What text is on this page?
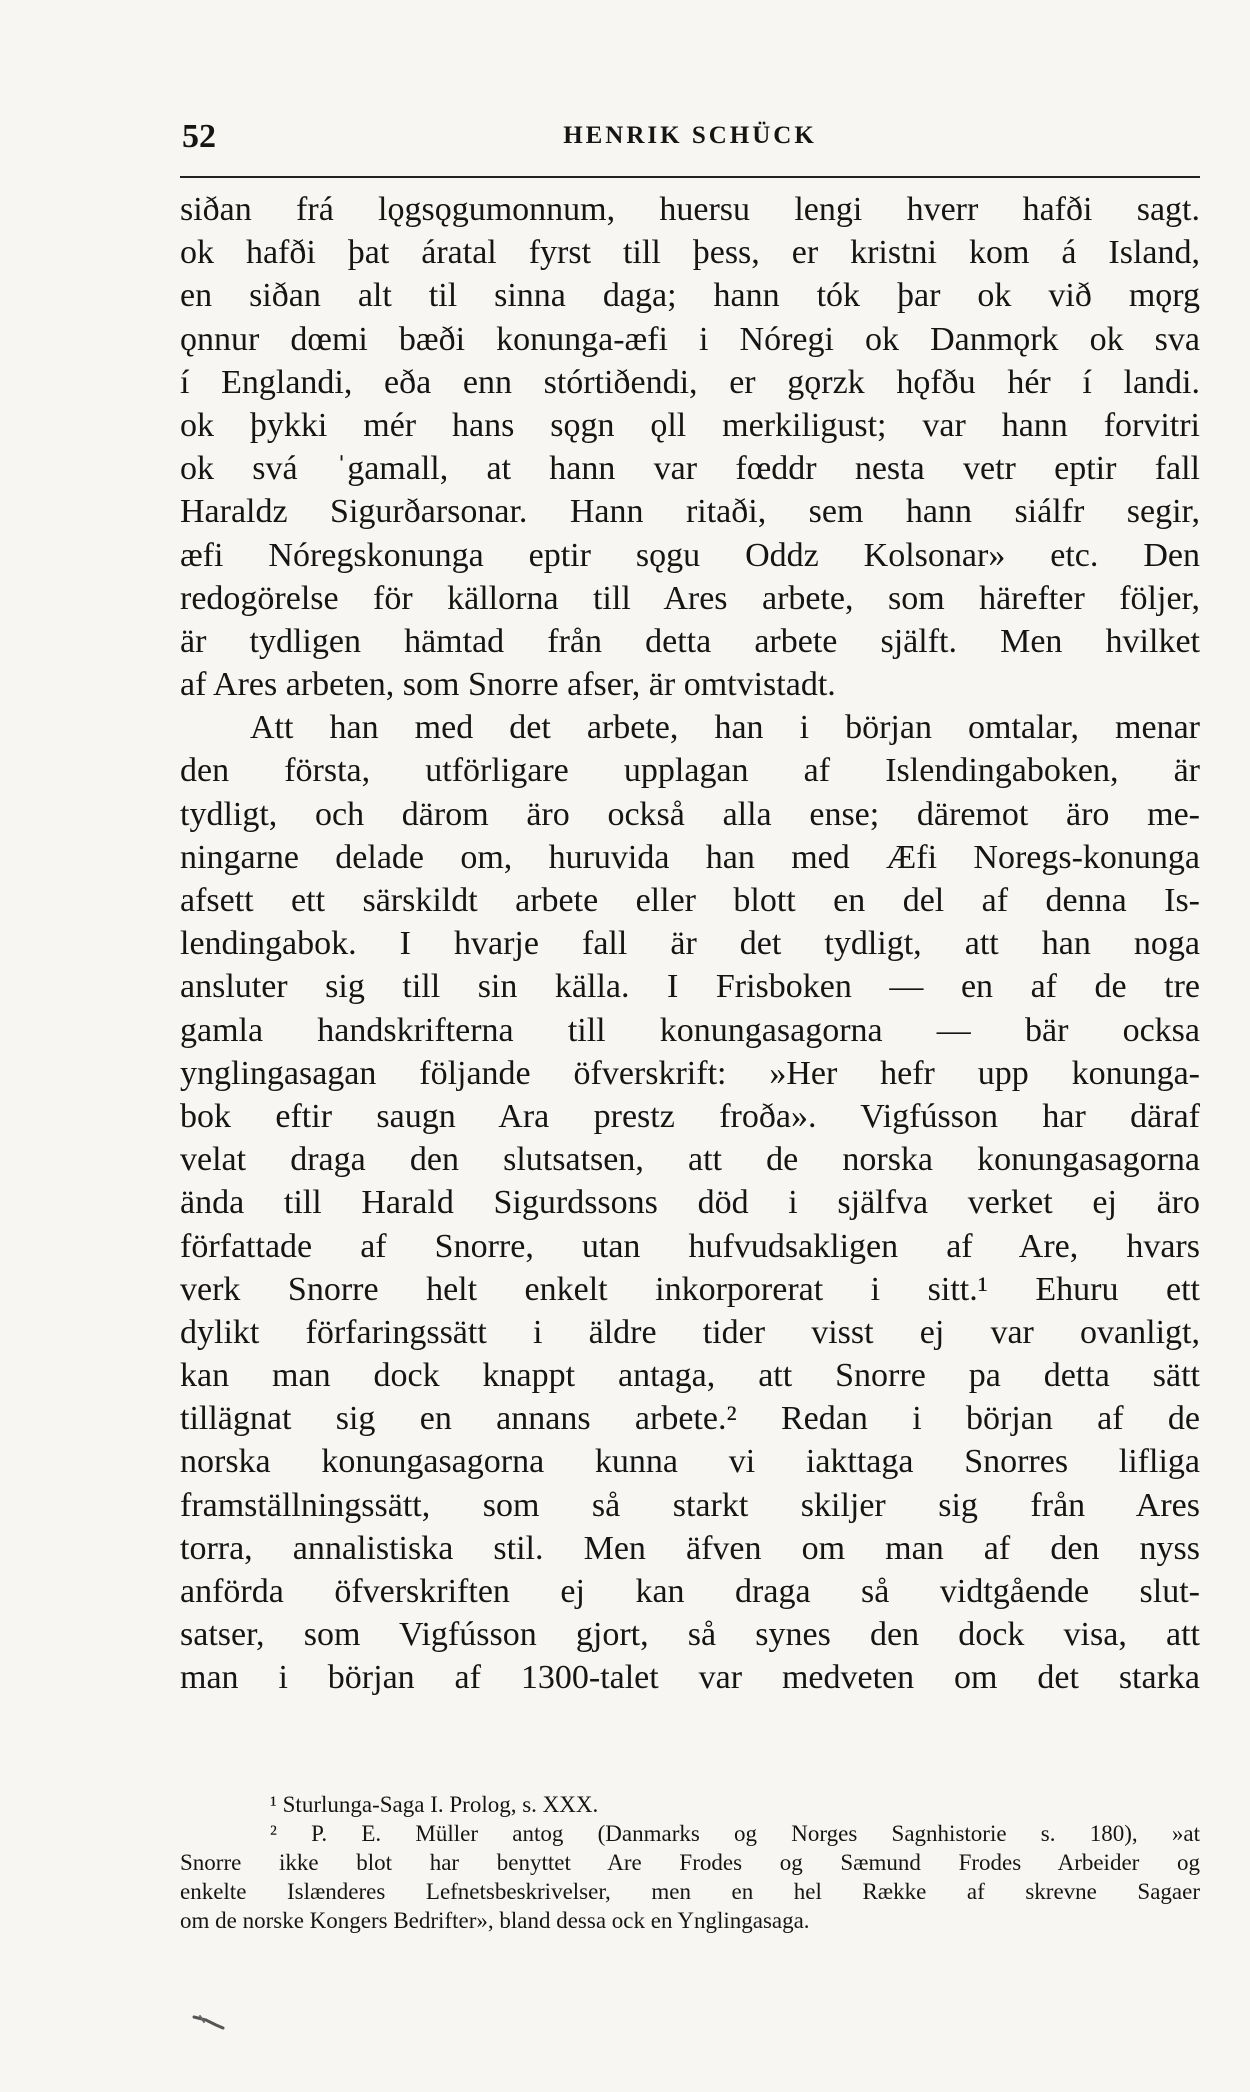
52	HENRIK SCHÜCK
siðan frá lǫgsǫgumonnum, huersu lengi hverr hafði sagt.
ok hafði þat áratal fyrst till þess, er kristni kom á Island,
en siðan alt til sinna daga; hann tók þar ok við mǫrg
ǫnnur dœmi bæði konunga-æfi i Nóregi ok Danmǫrk ok sva
í Englandi, eða enn stórtiðendi, er gǫrzk hǫfðu hér í landi.
ok þykki mér hans sǫgn ǫll merkiligust; var hann forvitri
ok svá ˈgamall, at hann var fœddr nesta vetr eptir fall
Haraldz Sigurðarsonar. Hann ritaði, sem hann siálfr segir,
æfi Nóregskonunga eptir sǫgu Oddz Kolsonar» etc. Den
redogörelse för källorna till Ares arbete, som härefter följer,
är tydligen hämtad från detta arbete själft. Men hvilket
af Ares arbeten, som Snorre afser, är omtvistadt.
Att han med det arbete, han i början omtalar, menar
den första, utförligare upplagan af Islendingaboken, är
tydligt, och därom äro också alla ense; däremot äro me-
ningarne delade om, huruvida han med Æfi Noregs-konunga
afsett ett särskildt arbete eller blott en del af denna Is-
lendingabok. I hvarje fall är det tydligt, att han noga
ansluter sig till sin källa. I Frisboken — en af de tre
gamla handskrifterna till konungasagorna — bär ocksa
ynglingasagan följande öfverskrift: »Her hefr upp konunga-
bok eftir saugn Ara prestz froða». Vigfússon har däraf
velat draga den slutsatsen, att de norska konungasagorna
ända till Harald Sigurdssons död i själfva verket ej äro
författade af Snorre, utan hufvudsakligen af Are, hvars
verk Snorre helt enkelt inkorporerat i sitt.¹ Ehuru ett
dylikt förfaringssätt i äldre tider visst ej var ovanligt,
kan man dock knappt antaga, att Snorre pa detta sätt
tillägnat sig en annans arbete.² Redan i början af de
norska konungasagorna kunna vi iakttaga Snorres lifliga
framställningssätt, som så starkt skiljer sig från Ares
torra, annalistiska stil. Men äfven om man af den nyss
anförda öfverskriften ej kan draga så vidtgående slut-
satser, som Vigfússon gjort, så synes den dock visa, att
man i början af 1300-talet var medveten om det starka
¹ Sturlunga-Saga I. Prolog, s. XXX.
² P. E. Müller antog (Danmarks og Norges Sagnhistorie s. 180), »at
Snorre ikke blot har benyttet Are Frodes og Sæmund Frodes Arbeider og
enkelte Islænderes Lefnetsbeskrivelser, men en hel Række af skrevne Sagaer
om de norske Kongers Bedrifter», bland dessa ock en Ynglingasaga.
